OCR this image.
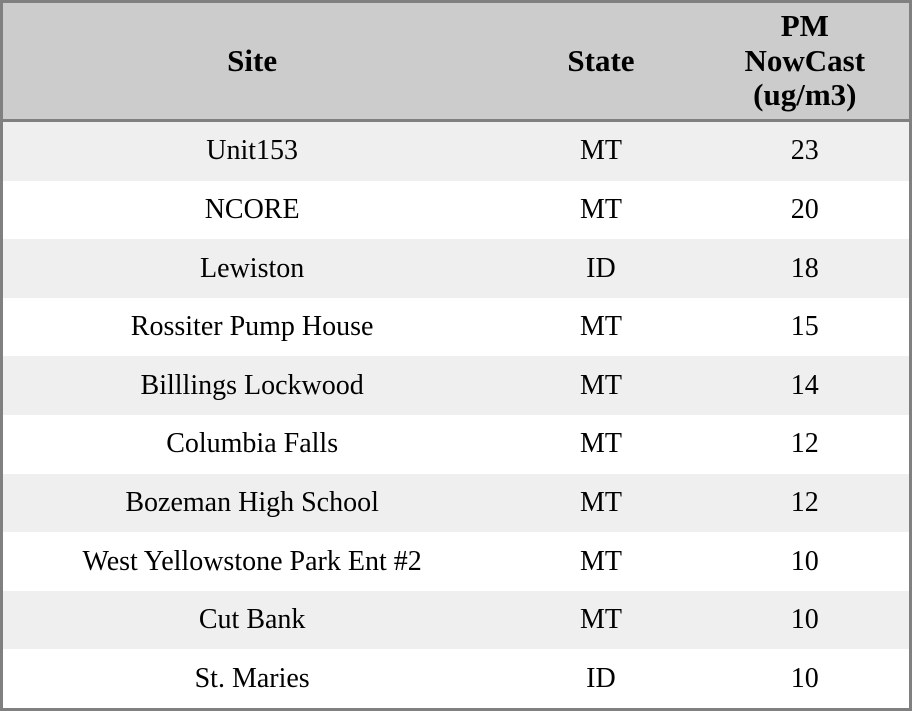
Site	State	PM
NowCast
(ug/m3)

Unit153	MT	23
NCORE	MT	20
Lewiston	ID	18
Rossiter Pump House	MT	15
Billlings Lockwood	MT	14
Columbia Falls	MT	12
Bozeman High School	MT	12
West Yellowstone Park Ent #2	MT	10
Cut Bank	MT	10
St. Maries	ID	10
